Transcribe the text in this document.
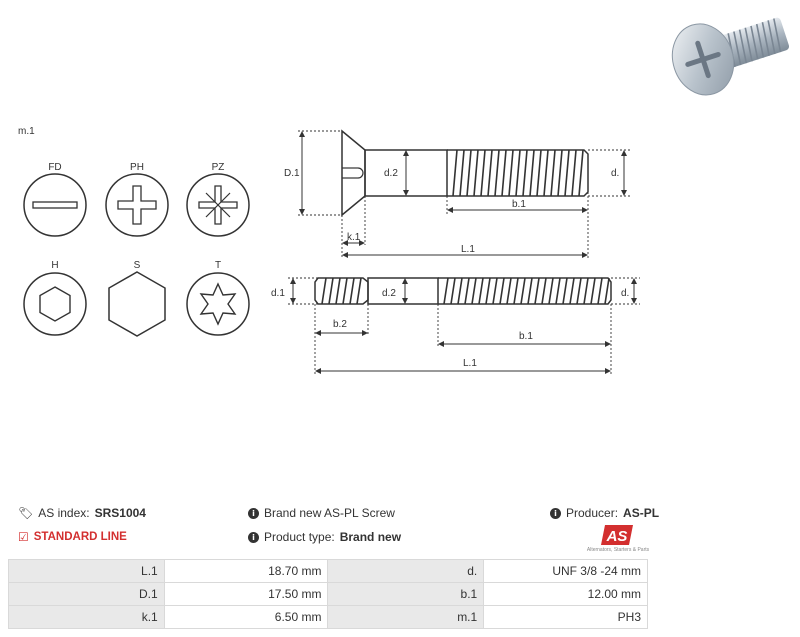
m.1
FD	PH	PZ
H	S	T
D.1	d.2	d.
b.1
k.1
L.1
d.1	d.2	d.
b.2
b.1
L.1
🏷 AS index: SRS1004
☑ STANDARD LINE
i Brand new AS-PL Screw
i Product type: Brand new
i Producer: AS-PL
AS
Alternators, Starters & Parts
L.1	18.70 mm	d.	UNF 3/8 -24 mm
D.1	17.50 mm	b.1	12.00 mm
k.1	6.50 mm	m.1	PH3
